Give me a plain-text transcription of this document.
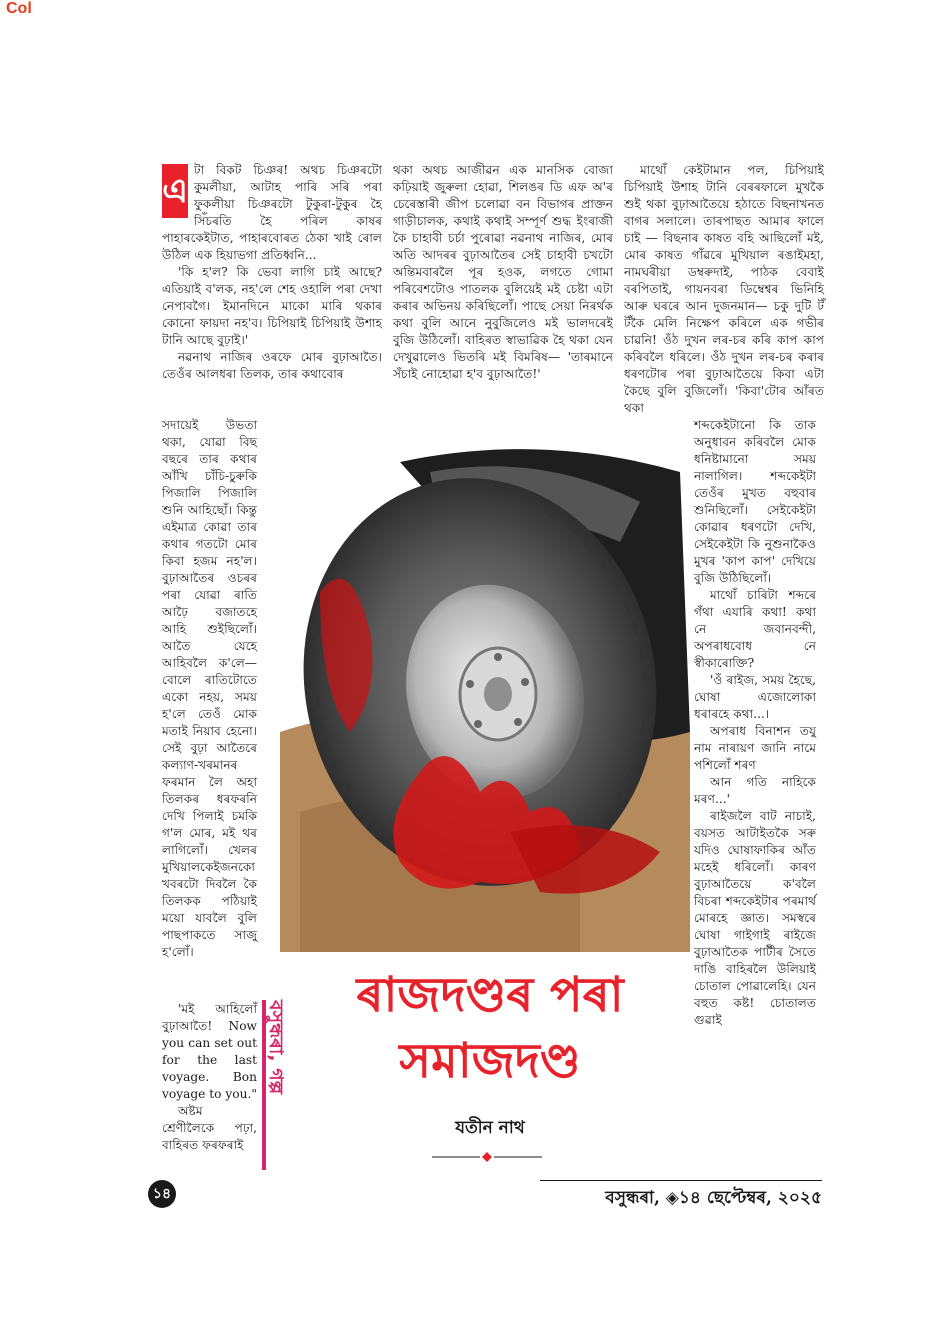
Col
এ

টা বিকট চিঞৰ! অথচ চিঞৰটো কুমলীয়া, আটাহ পাৰি সৰি পৰা ফুকলীয়া চিঞৰটো টুকুৰা-টুকুৰ হৈ সিঁচৰতি হৈ পৰিল কাষৰ পাহাৰকেইটাত, পাহাৰবোৰত ঠেকা খাই ৰোল উঠিল এক হিয়াভগা প্ৰতিধ্বনি...

'কি হ'ল? কি ভেবা লাগি চাই আছে? এতিয়াই ব'লক, নহ'লে শেহ ওহালি পৰা দেখা নেপাবগৈ। ইমানদিনে মাকো মাৰি থকাৰ কোনো ফায়দা নহ'ব। চিপিয়াই চিপিয়াই উশাহ টানি আছে বুঢ়াই।'

নৱনাথ নাজিৰ ওৰফে মোৰ বুঢ়াআতৈ। তেওঁৰ আলধৰা তিলক, তাৰ কথাবোৰ

সদায়েই উভতা থকা, যোৱা বিছ বছৰে তাৰ কথাৰ আঁখি চাঁচি-চুৰুকি পিজালি পিজালি শুনি আহিছোঁ। কিন্তু এইমাত্ৰ কোৱা তাৰ কথাৰ গতটো মোৰ কিবা হজম নহ'ল। বুঢ়াআতৈৰ ওচৰৰ পৰা যোৱা ৰাতি আঢ়ৈ বজাতহে আহি শুইছিলোঁ। আতৈ যেহে আহিবলৈ ক'লে— বোলে ৰাতিটোতে একো নহয়, সময় হ'লে তেওঁ মোক মতাই নিয়াব হেনো। সেই বুঢ়া আতৈৰে কল্যাণ-খৰমানৰ ফৰমান লৈ অহা তিলকৰ ধৰফৰনি দেখি পিলাই চমকি গ'ল মোৰ, মই থৰ লাগিলোঁ। খেলৰ মুখিয়ালকেইজনকো খবৰটো দিবলৈ কৈ তিলকক পঠিয়াই ময়ো যাবলৈ বুলি পাছপাকতে সাজু হ'লোঁ।

'মই আহিলোঁ বুঢ়াআতৈ! Now you can set out for the last voyage. Bon voyage to you."

অষ্টম শ্ৰেণীলৈকে পঢ়া, বাহিৰত ফৰফৰাই

থকা অথচ আজীৱন এক মানসিক বোজা কঢ়িয়াই জুৰুলা হোৱা, শিলঙৰ ডি এফ অ'ৰ চেৰেস্তাৰী জীপ চলোৱা বন বিভাগৰ প্ৰাক্তন গাড়ীচালক, কথাই কথাই সম্পূৰ্ণ শুদ্ধ ইংৰাজী কৈ চাহাবী চৰ্চা পুৰোৱা নৱনাথ নাজিৰ, মোৰ অতি আদৰৰ বুঢ়াআতৈৰ সেই চাহাবী চখটো অন্তিমবাৰলৈ পূৰ হওক, লগতে গোমা পৰিবেশটোও পাতলক বুলিয়েই মই চেষ্টা এটা কৰাৰ অভিনয় কৰিছিলোঁ। পাছে সেয়া নিৰৰ্থক কথা বুলি আনে নুবুজিলেও মই ভালদৰেই বুজি উঠিলোঁ। বাহিৰত স্বাভাৱিক হৈ থকা যেন দেখুৱালেও ভিতৰি মই বিমৰিষ— 'তাৰমানে সঁচাই নোহোৱা হ'ব বুঢ়াআতৈ!'

মাথোঁ কেইটামান পল, চিপিয়াই চিপিয়াই উশাহ টানি বেৰৰফালে মুখকৈ শুই থকা বুঢ়াআতৈয়ে হঠাতে বিছনাখনত বাগৰ সলালে। তাৰপাছত আমাৰ ফালে চাই — বিছনাৰ কাষত বহি আছিলোঁ মই, মোৰ কাষত গাঁৱৰে মুখিয়াল ৰঙাইমহা, নামঘৰীয়া ডম্বৰুদাই, পাঠক বেবাই বৰপিতাই, গায়নবৰা ডিম্বেশ্বৰ ভিনিহি আৰু ঘৰৰে আন দুজনমান— চকু দুটি টঁ টঁকৈ মেলি নিক্ষেপ কৰিলে এক গভীৰ চাৱনি! ওঁঠ দুখন লৰ-চৰ কৰি কাপ কাপ কৰিবলৈ ধৰিলে। ওঁঠ দুখন লৰ-চৰ কৰাৰ ধৰণটোৰ পৰা বুঢ়াআতৈয়ে কিবা এটা কৈছে বুলি বুজিলোঁ। 'কিবা'টোৰ আঁৰত থকা

শব্দকেইটানো কি তাক অনুধাবন কৰিবলৈ মোক ধনিষ্টামানো সময় নালাগিল। শব্দকেইটা তেওঁৰ মুখত বহুবাৰ শুনিছিলোঁ। সেইকেইটা কোৱাৰ ধৰণটো দেখি, সেইকেইটা কি নুশুনাকৈও মুখৰ 'কাপ কাপ' দেখিয়ে বুজি উঠিছিলোঁ।

মাথোঁ চাৰিটা শব্দৰে গঁথা এযাৰি কথা! কথা নে জবানবন্দী, অপৰাধবোধ নে স্বীকাৰোক্তি?

'ওঁ ৰাইজ, সময় হৈছে, ঘোষা এজোলোকা ধৰাৰহে কথা...।

অপৰাধ বিনাশন তযু নাম নাৰায়ণ জানি নামে পশিলোঁ শৰণ

আন গতি নাহিকে মৰণ...'

ৰাইজলৈ বাট নাচাই, বয়সত আটাইতকৈ সৰু যদিও ঘোষাফাকিৰ আঁত মহেই ধৰিলোঁ। কাৰণ বুঢ়াআতৈয়ে ক'বলৈ বিচৰা শব্দকেইটাৰ পৰমাৰ্থ মোৰহে জ্ঞাত। সমস্বৰে ঘোষা গাইগাই ৰাইজে বুঢ়াআতৈক পাটীৰ সৈতে দাঙি বাহিৰলৈ উলিয়াই চোতাল পোৱালেহি। যেন বহুত কষ্ট! চোতালত গুৱাই

ৰাজদণ্ডৰ পৰা
সমাজদণ্ড
যতীন নাথ
বসুন্ধৰা, গল্প
১৪	বসুন্ধৰা, ◈১৪ ছেপ্টেম্বৰ, ২০২৫
